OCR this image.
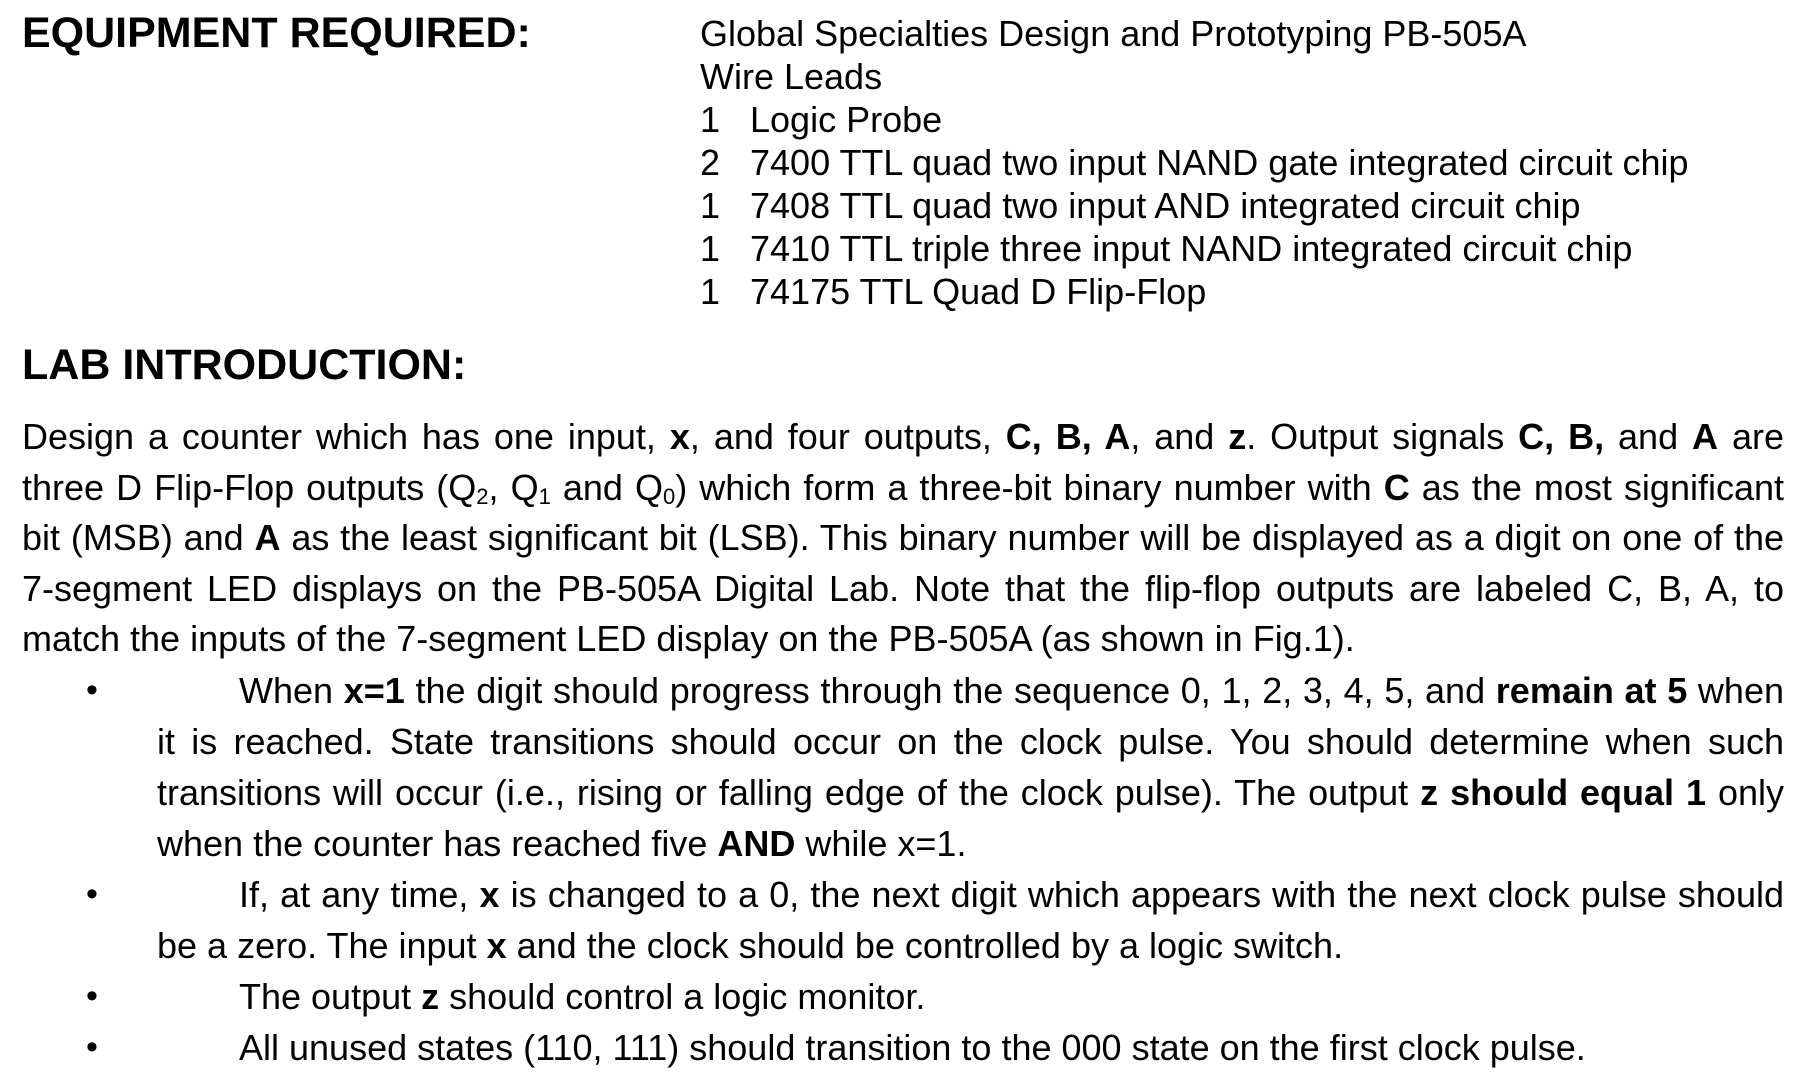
EQUIPMENT REQUIRED:	Global Specialties Design and Prototyping PB-505A
Wire Leads
1 Logic Probe
2 7400 TTL quad two input NAND gate integrated circuit chip
1 7408 TTL quad two input AND integrated circuit chip
1 7410 TTL triple three input NAND integrated circuit chip
1 74175 TTL Quad D Flip-Flop
LAB INTRODUCTION:
Design a counter which has one input, x, and four outputs, C, B, A, and z. Output signals C, B, and A are three D Flip-Flop outputs ($Q_2$, $Q_1$ and $Q_0$) which form a three-bit binary number with C as the most significant bit (MSB) and A as the least significant bit (LSB). This binary number will be displayed as a digit on one of the 7-segment LED displays on the PB-505A Digital Lab. Note that the flip-flop outputs are labeled C, B, A, to match the inputs of the 7-segment LED display on the PB-505A (as shown in Fig.1).
•	When x=1 the digit should progress through the sequence 0, 1, 2, 3, 4, 5, and remain at 5 when it is reached. State transitions should occur on the clock pulse. You should determine when such transitions will occur (i.e., rising or falling edge of the clock pulse). The output z should equal 1 only when the counter has reached five AND while x=1.
•	If, at any time, x is changed to a 0, the next digit which appears with the next clock pulse should be a zero. The input x and the clock should be controlled by a logic switch.
•	The output z should control a logic monitor.
•	All unused states (110, 111) should transition to the 000 state on the first clock pulse.
